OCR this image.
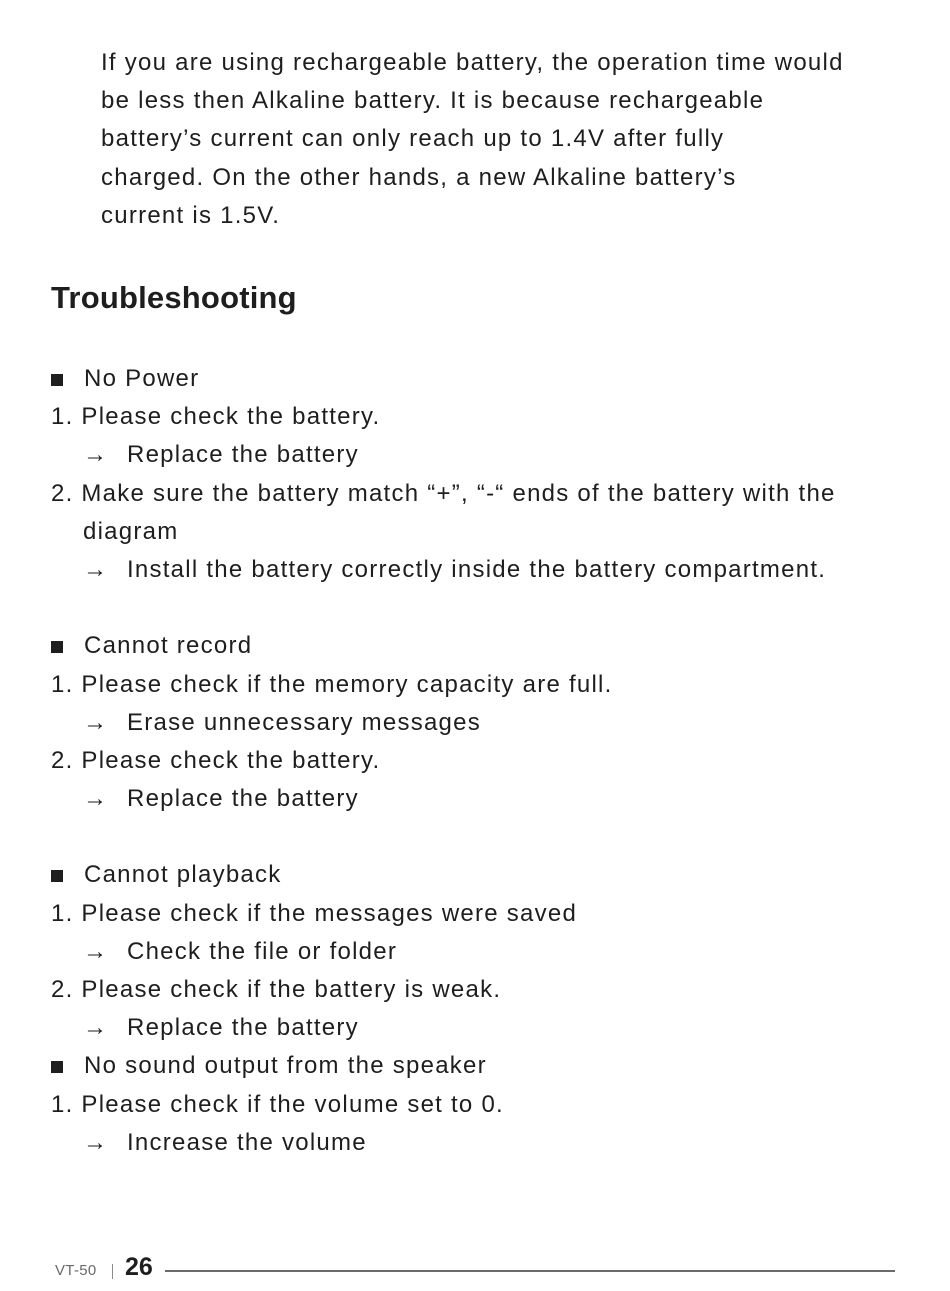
If you are using rechargeable battery, the operation time would
be less then Alkaline battery. It is because rechargeable
battery’s current can only reach up to 1.4V after fully
charged. On the other hands, a new Alkaline battery’s
current is 1.5V.
Troubleshooting
No Power
1. Please check the battery.
→ Replace the battery
2. Make sure the battery match “+”, “-“ ends of the battery with the
diagram
→ Install the battery correctly inside the battery compartment.
Cannot record
1. Please check if the memory capacity are full.
→ Erase unnecessary messages
2. Please check the battery.
→ Replace the battery
Cannot playback
1. Please check if the messages were saved
→ Check the file or folder
2. Please check if the battery is weak.
→ Replace the battery
No sound output from the speaker
1. Please check if the volume set to 0.
→ Increase the volume
VT-50 26
